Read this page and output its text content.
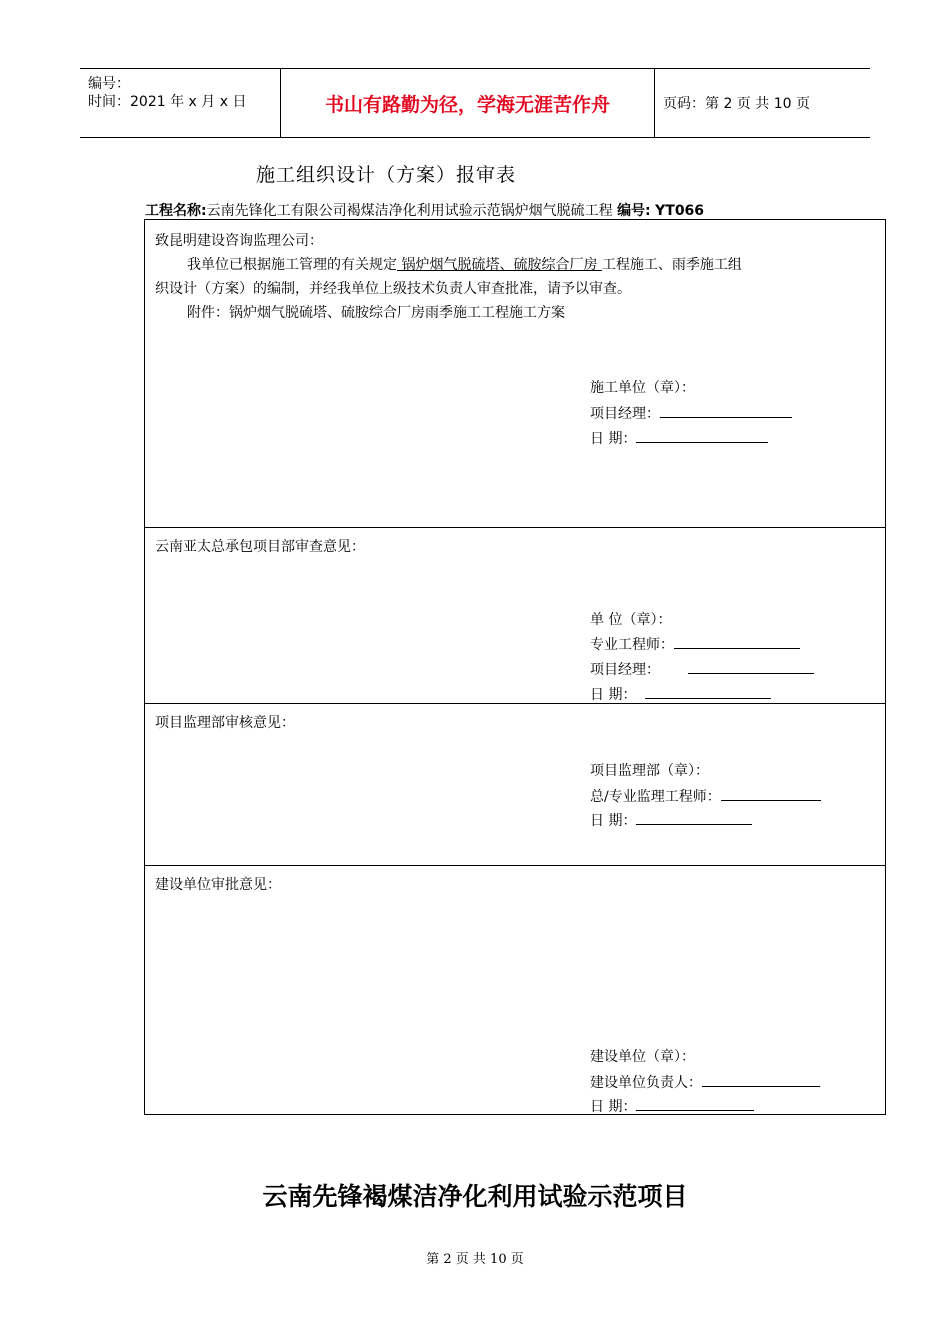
编号：
时间：2021 年 x 月 x 日	书山有路勤为径，学海无涯苦作舟	页码：第 2 页 共 10 页
施工组织设计（方案）报审表
工程名称:云南先锋化工有限公司褐煤洁净化利用试验示范锅炉烟气脱硫工程 编号: YT066
致昆明建设咨询监理公司：
我单位已根据施工管理的有关规定 锅炉烟气脱硫塔、硫胺综合厂房 工程施工、雨季施工组
织设计（方案）的编制，并经我单位上级技术负责人审查批准，请予以审查。
附件：锅炉烟气脱硫塔、硫胺综合厂房雨季施工工程施工方案
施工单位（章）：
项目经理：
日 期：
云南亚太总承包项目部审查意见：
单 位（章）：
专业工程师：
项目经理：
日 期：
项目监理部审核意见：
项目监理部（章）：
总/专业监理工程师：
日 期：
建设单位审批意见：
建设单位（章）：
建设单位负责人：
日 期：
云南先锋褐煤洁净化利用试验示范项目
第 2 页 共 10 页
